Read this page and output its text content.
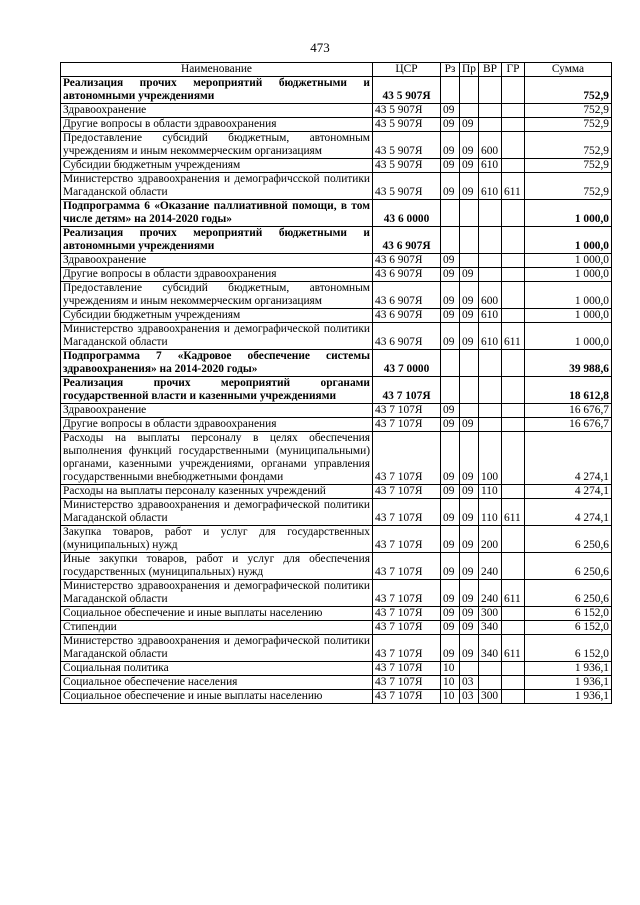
473
Наименование	ЦСР	Рз	Пр	ВР	ГР	Сумма
Реализация прочих мероприятий бюджетными и автономными учреждениями	43 5 907Я					752,9
Здравоохранение	43 5 907Я	09				752,9
Другие вопросы в области здравоохранения	43 5 907Я	09	09			752,9
Предоставление субсидий бюджетным, автономным учреждениям и иным некоммерческим организациям	43 5 907Я	09	09	600		752,9
Субсидии бюджетным учреждениям	43 5 907Я	09	09	610		752,9
Министерство здравоохранения и демографичcской политики Магаданской области	43 5 907Я	09	09	610	611	752,9
Подпрограмма 6 «Оказание паллиативной помощи, в том числе детям» на 2014-2020 годы»	43 6 0000					1 000,0
Реализация прочих мероприятий бюджетными и автономными учреждениями	43 6 907Я					1 000,0
Здравоохранение	43 6 907Я	09				1 000,0
Другие вопросы в области здравоохранения	43 6 907Я	09	09			1 000,0
Предоставление субсидий бюджетным, автономным учреждениям и иным некоммерческим организациям	43 6 907Я	09	09	600		1 000,0
Субсидии бюджетным учреждениям	43 6 907Я	09	09	610		1 000,0
Министерство здравоохранения и демографической политики Магаданской области	43 6 907Я	09	09	610	611	1 000,0
Подпрограмма 7 «Кадровое обеспечение системы здравоохранения» на 2014-2020 годы»	43 7 0000					39 988,6
Реализация прочих мероприятий органами государственной власти и казенными учреждениями	43 7 107Я					18 612,8
Здравоохранение	43 7 107Я	09				16 676,7
Другие вопросы в области здравоохранения	43 7 107Я	09	09			16 676,7
Расходы на выплаты персоналу в целях обеспечения выполнения функций государственными (муниципальными) органами, казенными учреждениями, органами управления государственными внебюджетными фондами	43 7 107Я	09	09	100		4 274,1
Расходы на выплаты персоналу казенных учреждений	43 7 107Я	09	09	110		4 274,1
Министерство здравоохранения и демографической политики Магаданской области	43 7 107Я	09	09	110	611	4 274,1
Закупка товаров, работ и услуг для государственных (муниципальных) нужд	43 7 107Я	09	09	200		6 250,6
Иные закупки товаров, работ и услуг для обеспечения государственных (муниципальных) нужд	43 7 107Я	09	09	240		6 250,6
Министерство здравоохранения и демографической политики Магаданской области	43 7 107Я	09	09	240	611	6 250,6
Социальное обеспечение и иные выплаты населению	43 7 107Я	09	09	300		6 152,0
Стипендии	43 7 107Я	09	09	340		6 152,0
Министерство здравоохранения и демографической политики Магаданской области	43 7 107Я	09	09	340	611	6 152,0
Социальная политика	43 7 107Я	10				1 936,1
Социальное обеспечение населения	43 7 107Я	10	03			1 936,1
Социальное обеспечение и иные выплаты населению	43 7 107Я	10	03	300		1 936,1
